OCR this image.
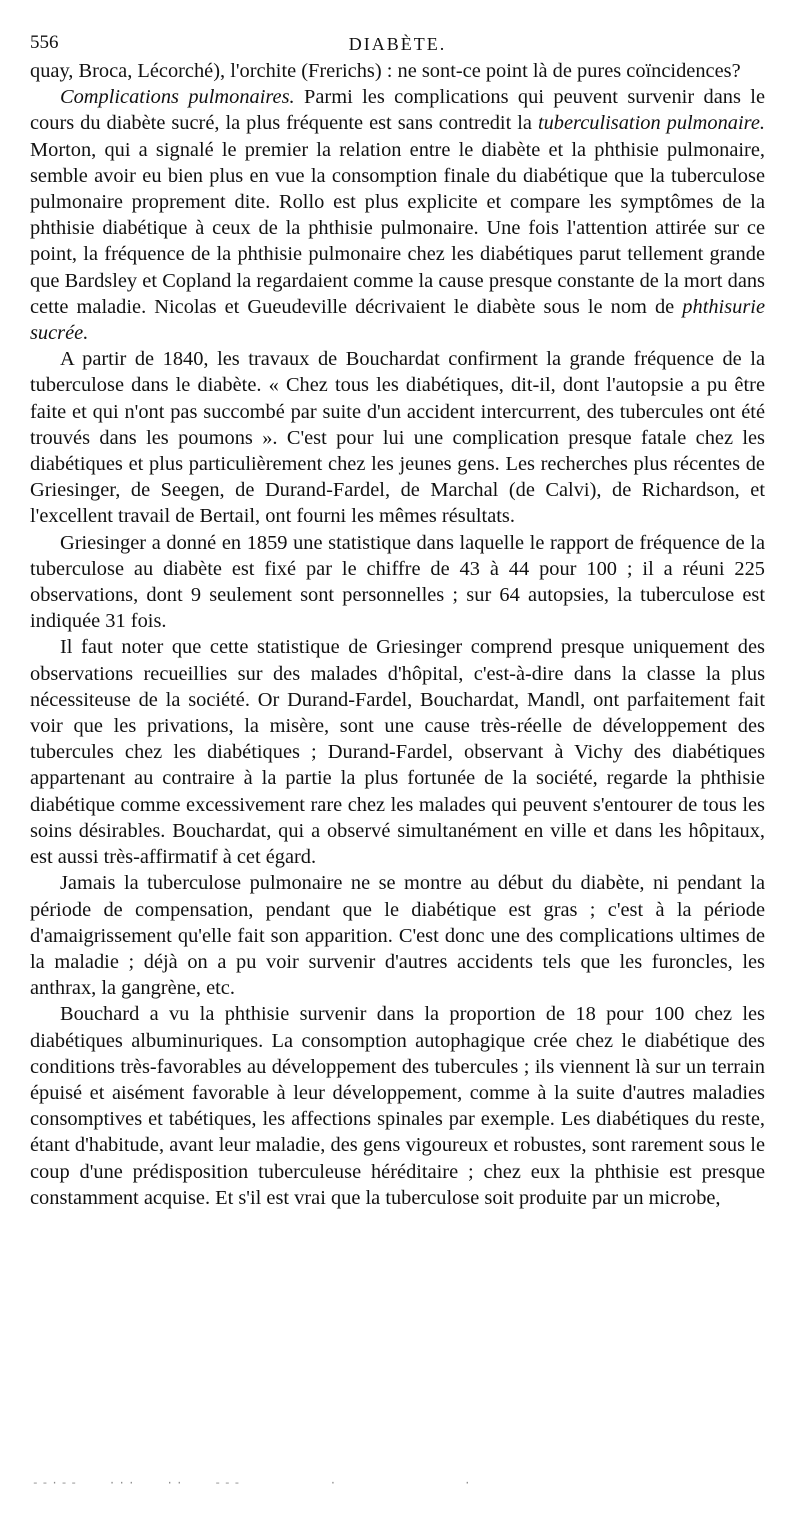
556	DIABÈTE.

quay, Broca, Lécorché), l'orchite (Frerichs) : ne sont-ce point là de pures coïncidences?

Complications pulmonaires. Parmi les complications qui peuvent survenir dans le cours du diabète sucré, la plus fréquente est sans contredit la tuberculisation pulmonaire. Morton, qui a signalé le premier la relation entre le diabète et la phthisie pulmonaire, semble avoir eu bien plus en vue la consomption finale du diabétique que la tuberculose pulmonaire proprement dite. Rollo est plus explicite et compare les symptômes de la phthisie diabétique à ceux de la phthisie pulmonaire. Une fois l'attention attirée sur ce point, la fréquence de la phthisie pulmonaire chez les diabétiques parut tellement grande que Bardsley et Copland la regardaient comme la cause presque constante de la mort dans cette maladie. Nicolas et Gueudeville décrivaient le diabète sous le nom de phthisurie sucrée.

A partir de 1840, les travaux de Bouchardat confirment la grande fréquence de la tuberculose dans le diabète. « Chez tous les diabétiques, dit-il, dont l'autopsie a pu être faite et qui n'ont pas succombé par suite d'un accident intercurrent, des tubercules ont été trouvés dans les poumons ». C'est pour lui une complication presque fatale chez les diabétiques et plus particulièrement chez les jeunes gens. Les recherches plus récentes de Griesinger, de Seegen, de Durand-Fardel, de Marchal (de Calvi), de Richardson, et l'excellent travail de Bertail, ont fourni les mêmes résultats.

Griesinger a donné en 1859 une statistique dans laquelle le rapport de fréquence de la tuberculose au diabète est fixé par le chiffre de 43 à 44 pour 100 ; il a réuni 225 observations, dont 9 seulement sont personnelles ; sur 64 autopsies, la tuberculose est indiquée 31 fois.

Il faut noter que cette statistique de Griesinger comprend presque uniquement des observations recueillies sur des malades d'hôpital, c'est-à-dire dans la classe la plus nécessiteuse de la société. Or Durand-Fardel, Bouchardat, Mandl, ont parfaitement fait voir que les privations, la misère, sont une cause très-réelle de développement des tubercules chez les diabétiques ; Durand-Fardel, observant à Vichy des diabétiques appartenant au contraire à la partie la plus fortunée de la société, regarde la phthisie diabétique comme excessivement rare chez les malades qui peuvent s'entourer de tous les soins désirables. Bouchardat, qui a observé simultanément en ville et dans les hôpitaux, est aussi très-affirmatif à cet égard.

Jamais la tuberculose pulmonaire ne se montre au début du diabète, ni pendant la période de compensation, pendant que le diabétique est gras ; c'est à la période d'amaigrissement qu'elle fait son apparition. C'est donc une des complications ultimes de la maladie ; déjà on a pu voir survenir d'autres accidents tels que les furoncles, les anthrax, la gangrène, etc.

Bouchard a vu la phthisie survenir dans la proportion de 18 pour 100 chez les diabétiques albuminuriques. La consomption autophagique crée chez le diabétique des conditions très-favorables au développement des tubercules ; ils viennent là sur un terrain épuisé et aisément favorable à leur développement, comme à la suite d'autres maladies consomptives et tabétiques, les affections spinales par exemple. Les diabétiques du reste, étant d'habitude, avant leur maladie, des gens vigoureux et robustes, sont rarement sous le coup d'une prédisposition tuberculeuse héréditaire ; chez eux la phthisie est presque constamment acquise. Et s'il est vrai que la tuberculose soit produite par un microbe,

--·--   ···   ··   ---         ·             ·
